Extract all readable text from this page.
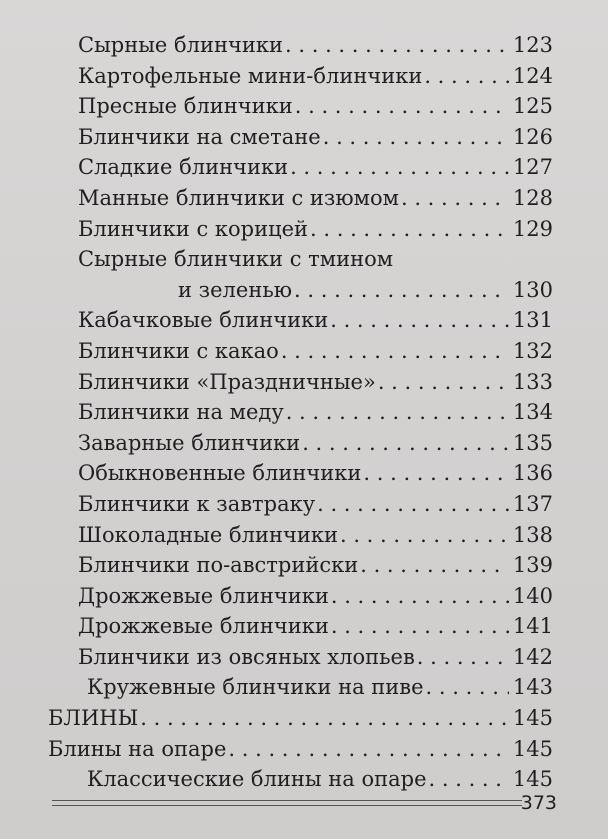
Сырные блинчики . . .	123
Картофельные мини-блинчики . . .	124
Пресные блинчики . . .	125
Блинчики на сметане . . .	126
Сладкие блинчики . . .	127
Манные блинчики с изюмом . . .	128
Блинчики с корицей . . .	129
Сырные блинчики с тмином
и зеленью . . .	130
Кабачковые блинчики . . .	131
Блинчики с какао . . .	132
Блинчики «Праздничные» . . .	133
Блинчики на меду . . .	134
Заварные блинчики . . .	135
Обыкновенные блинчики . . .	136
Блинчики к завтраку . . .	137
Шоколадные блинчики . . .	138
Блинчики по-австрийски . . .	139
Дрожжевые блинчики . . .	140
Дрожжевые блинчики . . .	141
Блинчики из овсяных хлопьев . . .	142
Кружевные блинчики на пиве . . .	143
БЛИНЫ . . .	145
Блины на опаре . . .	145
Классические блины на опаре . . .	145
373
